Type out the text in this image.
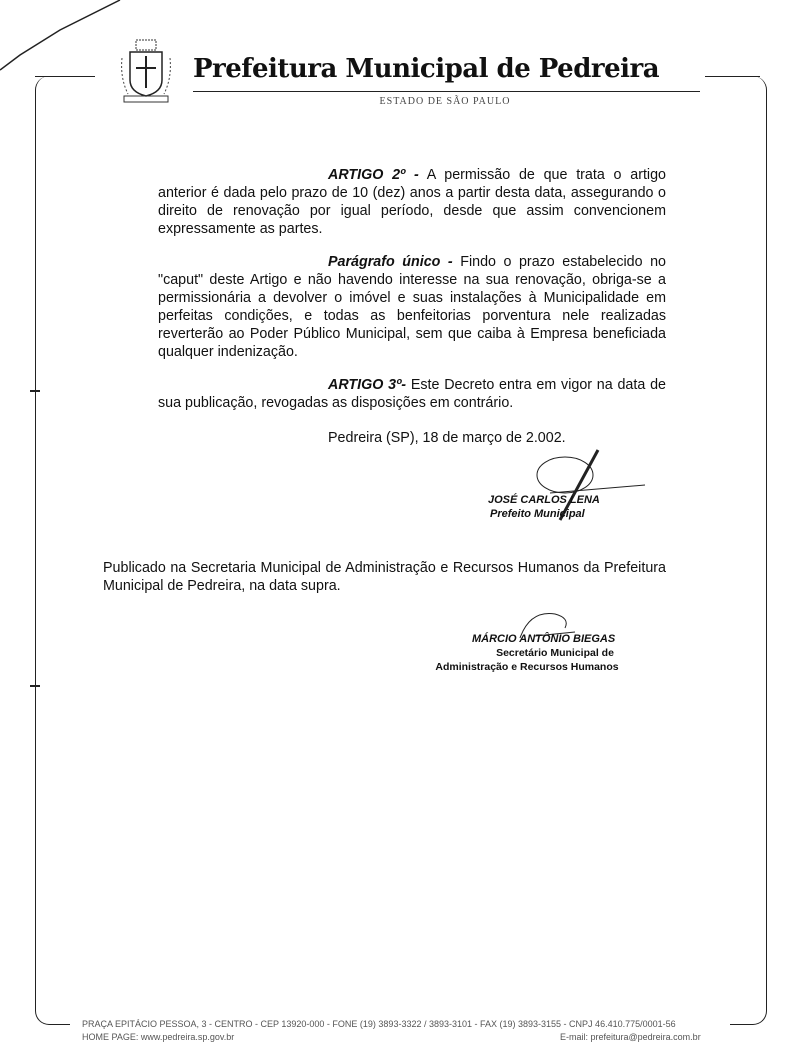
Prefeitura Municipal de Pedreira
ESTADO DE SÃO PAULO
ARTIGO 2º - A permissão de que trata o artigo anterior é dada pelo prazo de 10 (dez) anos a partir desta data, assegurando o direito de renovação por igual período, desde que assim convencionem expressamente as partes.
Parágrafo único - Findo o prazo estabelecido no "caput" deste Artigo e não havendo interesse na sua renovação, obriga-se a permissionária a devolver o imóvel e suas instalações à Municipalidade em perfeitas condições, e todas as benfeitorias porventura nele realizadas reverterão ao Poder Público Municipal, sem que caiba à Empresa beneficiada qualquer indenização.
ARTIGO 3º- Este Decreto entra em vigor na data de sua publicação, revogadas as disposições em contrário.
Pedreira (SP), 18 de março de 2.002.
JOSÉ CARLOS LENA
Prefeito Municipal
Publicado na Secretaria Municipal de Administração e Recursos Humanos da Prefeitura Municipal de Pedreira, na data supra.
MÁRCIO ANTÔNIO BIEGAS
Secretário Municipal de
Administração e Recursos Humanos
PRAÇA EPITÁCIO PESSOA, 3 - CENTRO - CEP 13920-000 - FONE (19) 3893-3322 / 3893-3101 - FAX (19) 3893-3155 - CNPJ 46.410.775/0001-56
HOME PAGE: www.pedreira.sp.gov.br	E-mail: prefeitura@pedreira.com.br
